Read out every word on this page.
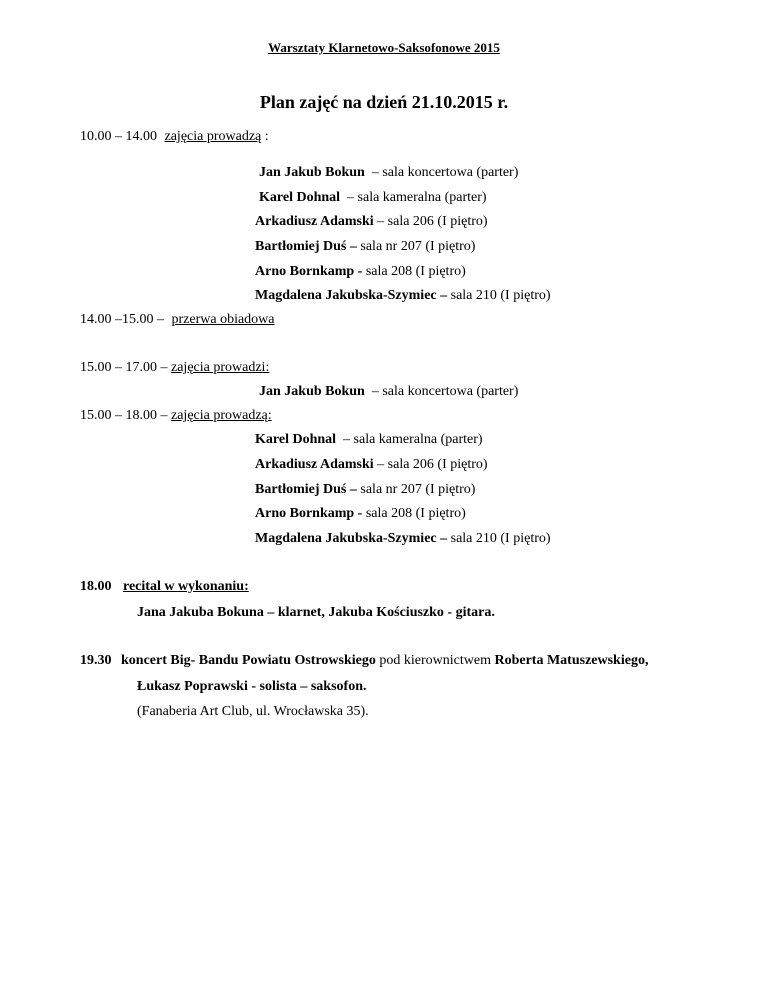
Warsztaty Klarnetowo-Saksofonowe 2015
Plan zajęć na dzień 21.10.2015 r.
10.00 – 14.00 zajęcia prowadzą :
Jan Jakub Bokun  – sala koncertowa (parter)
Karel Dohnal  – sala kameralna (parter)
Arkadiusz Adamski – sala 206 (I piętro)
Bartłomiej Duś – sala nr 207 (I piętro)
Arno Bornkamp - sala 208 (I piętro)
Magdalena Jakubska-Szymiec – sala 210 (I piętro)
14.00 –15.00 – przerwa obiadowa
15.00 – 17.00 – zajęcia prowadzi:
Jan Jakub Bokun  – sala koncertowa (parter)
15.00 – 18.00 – zajęcia prowadzą:
Karel Dohnal  – sala kameralna (parter)
Arkadiusz Adamski – sala 206 (I piętro)
Bartłomiej Duś – sala nr 207 (I piętro)
Arno Bornkamp - sala 208 (I piętro)
Magdalena Jakubska-Szymiec – sala 210 (I piętro)
18.00 recital w wykonaniu:
Jana Jakuba Bokuna – klarnet, Jakuba Kościuszko - gitara.
19.30 koncert Big- Bandu Powiatu Ostrowskiego pod kierownictwem Roberta Matuszewskiego,
Łukasz Poprawski - solista – saksofon.
(Fanaberia Art Club, ul. Wrocławska 35).
